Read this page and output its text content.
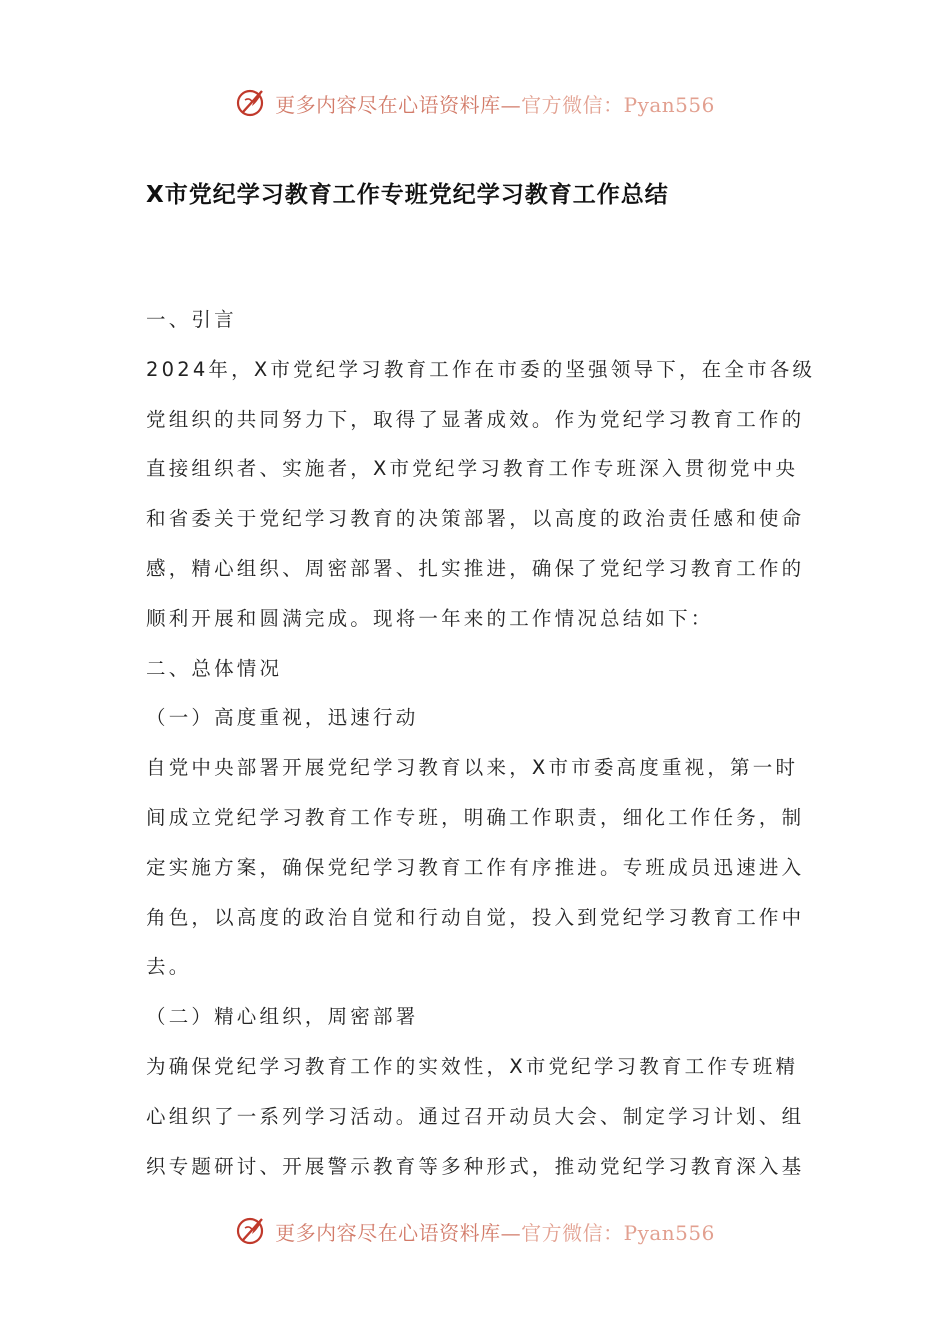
更多内容尽在心语资料库—官方微信：Pyan556
X市党纪学习教育工作专班党纪学习教育工作总结
一、引言
2024年，X市党纪学习教育工作在市委的坚强领导下，在全市各级
党组织的共同努力下，取得了显著成效。作为党纪学习教育工作的
直接组织者、实施者，X市党纪学习教育工作专班深入贯彻党中央
和省委关于党纪学习教育的决策部署，以高度的政治责任感和使命
感，精心组织、周密部署、扎实推进，确保了党纪学习教育工作的
顺利开展和圆满完成。现将一年来的工作情况总结如下：
二、总体情况
（一）高度重视，迅速行动
自党中央部署开展党纪学习教育以来，X市市委高度重视，第一时
间成立党纪学习教育工作专班，明确工作职责，细化工作任务，制
定实施方案，确保党纪学习教育工作有序推进。专班成员迅速进入
角色，以高度的政治自觉和行动自觉，投入到党纪学习教育工作中
去。
（二）精心组织，周密部署
为确保党纪学习教育工作的实效性，X市党纪学习教育工作专班精
心组织了一系列学习活动。通过召开动员大会、制定学习计划、组
织专题研讨、开展警示教育等多种形式，推动党纪学习教育深入基
更多内容尽在心语资料库—官方微信：Pyan556
